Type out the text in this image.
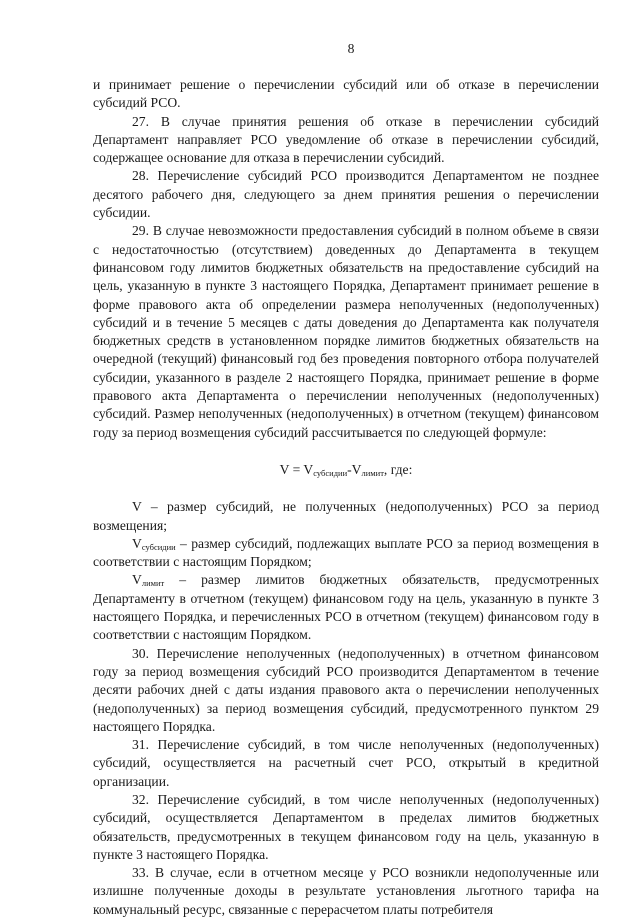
8

и принимает решение о перечислении субсидий или об отказе в перечислении субсидий РСО.

27. В случае принятия решения об отказе в перечислении субсидий Департамент направляет РСО уведомление об отказе в перечислении субсидий, содержащее основание для отказа в перечислении субсидий.

28. Перечисление субсидий РСО производится Департаментом не позднее десятого рабочего дня, следующего за днем принятия решения о перечислении субсидии.

29. В случае невозможности предоставления субсидий в полном объеме в связи с недостаточностью (отсутствием) доведенных до Департамента в текущем финансовом году лимитов бюджетных обязательств на предоставление субсидий на цель, указанную в пункте 3 настоящего Порядка, Департамент принимает решение в форме правового акта об определении размера неполученных (недополученных) субсидий и в течение 5 месяцев с даты доведения до Департамента как получателя бюджетных средств в установленном порядке лимитов бюджетных обязательств на очередной (текущий) финансовый год без проведения повторного отбора получателей субсидии, указанного в разделе 2 настоящего Порядка, принимает решение в форме правового акта Департамента о перечислении неполученных (недополученных) субсидий. Размер неполученных (недополученных) в отчетном (текущем) финансовом году за период возмещения субсидий рассчитывается по следующей формуле:

$V = V_{субсидии}-V_{лимит}$, где:

V – размер субсидий, не полученных (недополученных) РСО за период возмещения;

$V_{субсидии}$ – размер субсидий, подлежащих выплате РСО за период возмещения в соответствии с настоящим Порядком;

$V_{лимит}$ – размер лимитов бюджетных обязательств, предусмотренных Департаменту в отчетном (текущем) финансовом году на цель, указанную в пункте 3 настоящего Порядка, и перечисленных РСО в отчетном (текущем) финансовом году в соответствии с настоящим Порядком.

30. Перечисление неполученных (недополученных) в отчетном финансовом году за период возмещения субсидий РСО производится Департаментом в течение десяти рабочих дней с даты издания правового акта о перечислении неполученных (недополученных) за период возмещения субсидий, предусмотренного пунктом 29 настоящего Порядка.

31. Перечисление субсидий, в том числе неполученных (недополученных) субсидий, осуществляется на расчетный счет РСО, открытый в кредитной организации.

32. Перечисление субсидий, в том числе неполученных (недополученных) субсидий, осуществляется Департаментом в пределах лимитов бюджетных обязательств, предусмотренных в текущем финансовом году на цель, указанную в пункте 3 настоящего Порядка.

33. В случае, если в отчетном месяце у РСО возникли недополученные или излишне полученные доходы в результате установления льготного тарифа на коммунальный ресурс, связанные с перерасчетом платы потребителя
